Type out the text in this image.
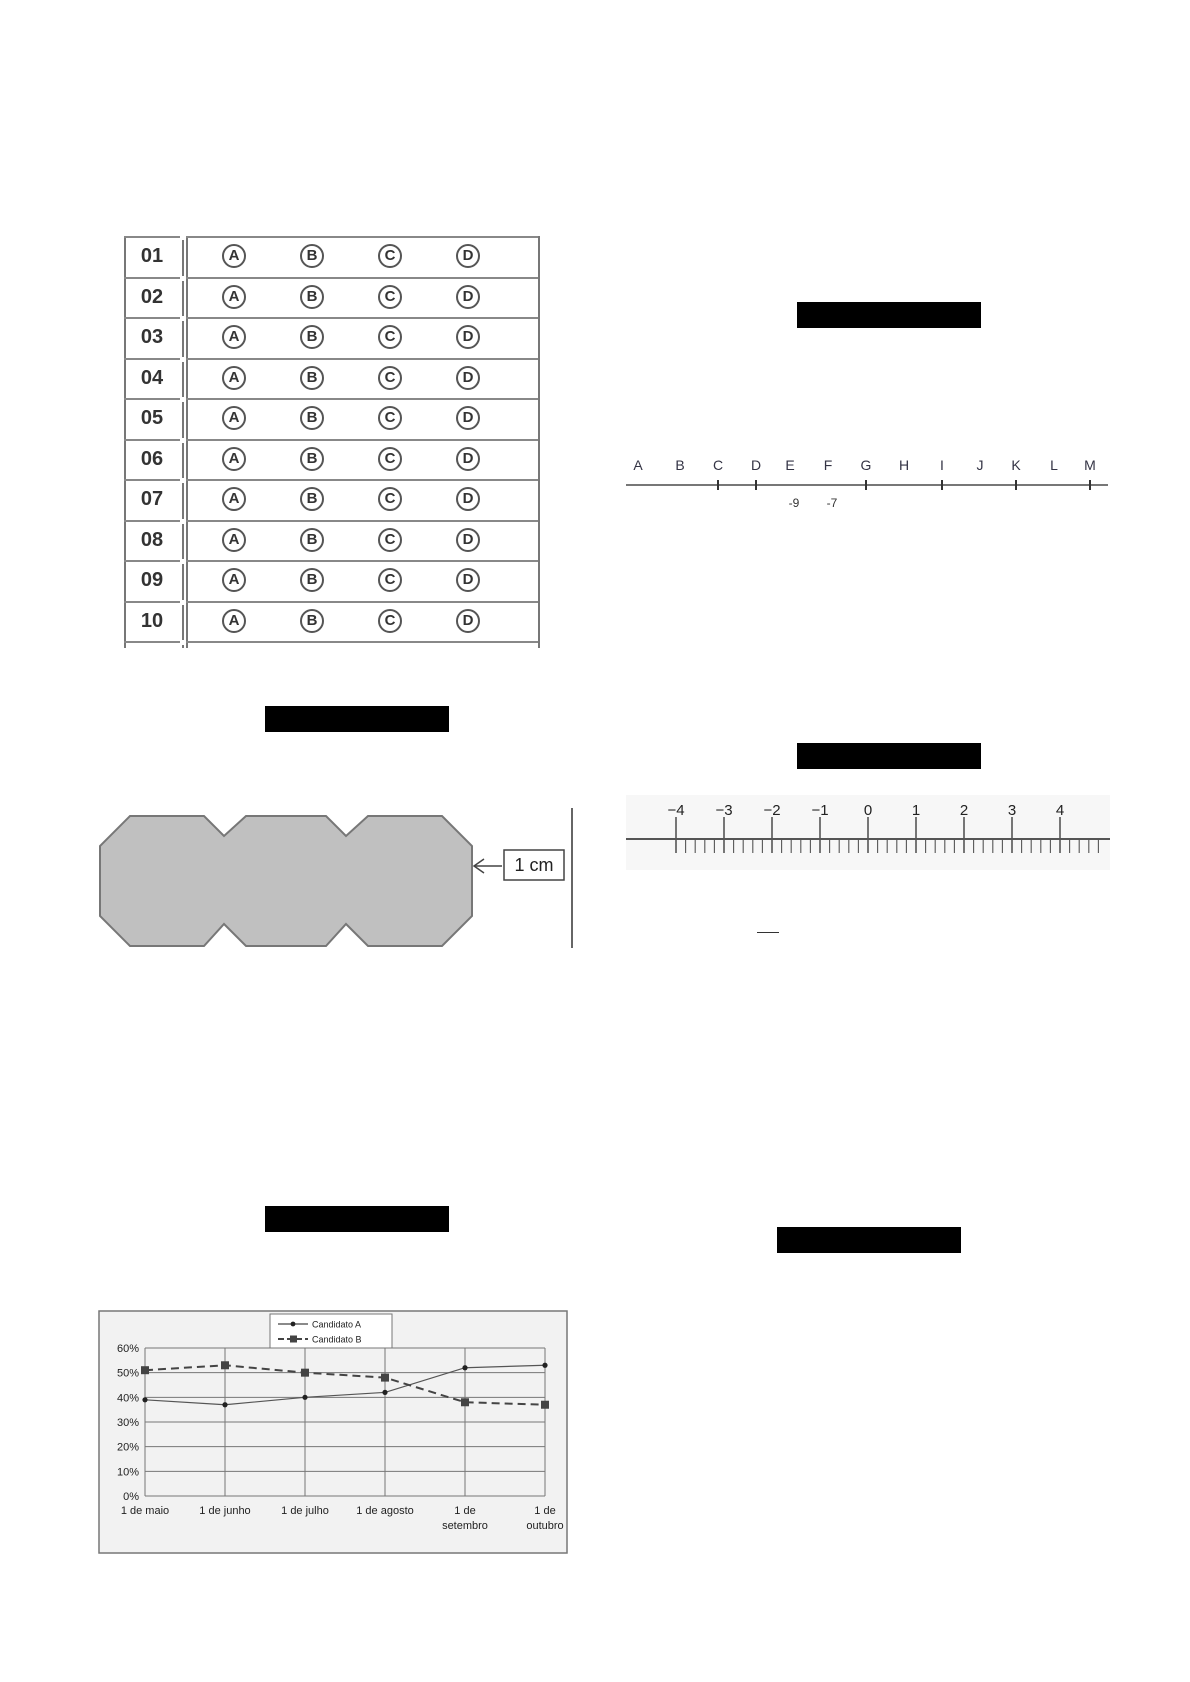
01	A	B	C	D
02	A	B	C	D
03	A	B	C	D
04	A	B	C	D
05	A	B	C	D
06	A	B	C	D
07	A	B	C	D
08	A	B	C	D
09	A	B	C	D
10	A	B	C	D
A B C D E F G H I J K L M
-9 -7
1 cm
−4 −3 −2 −1 0	1	2	3	4
0%
10%
20%
30%
40%
50%
60%
1 de maio	1 de junho	1 de julho 1 de agosto	1 de
setembro
1 de
outubro
Candidato A
Candidato B
